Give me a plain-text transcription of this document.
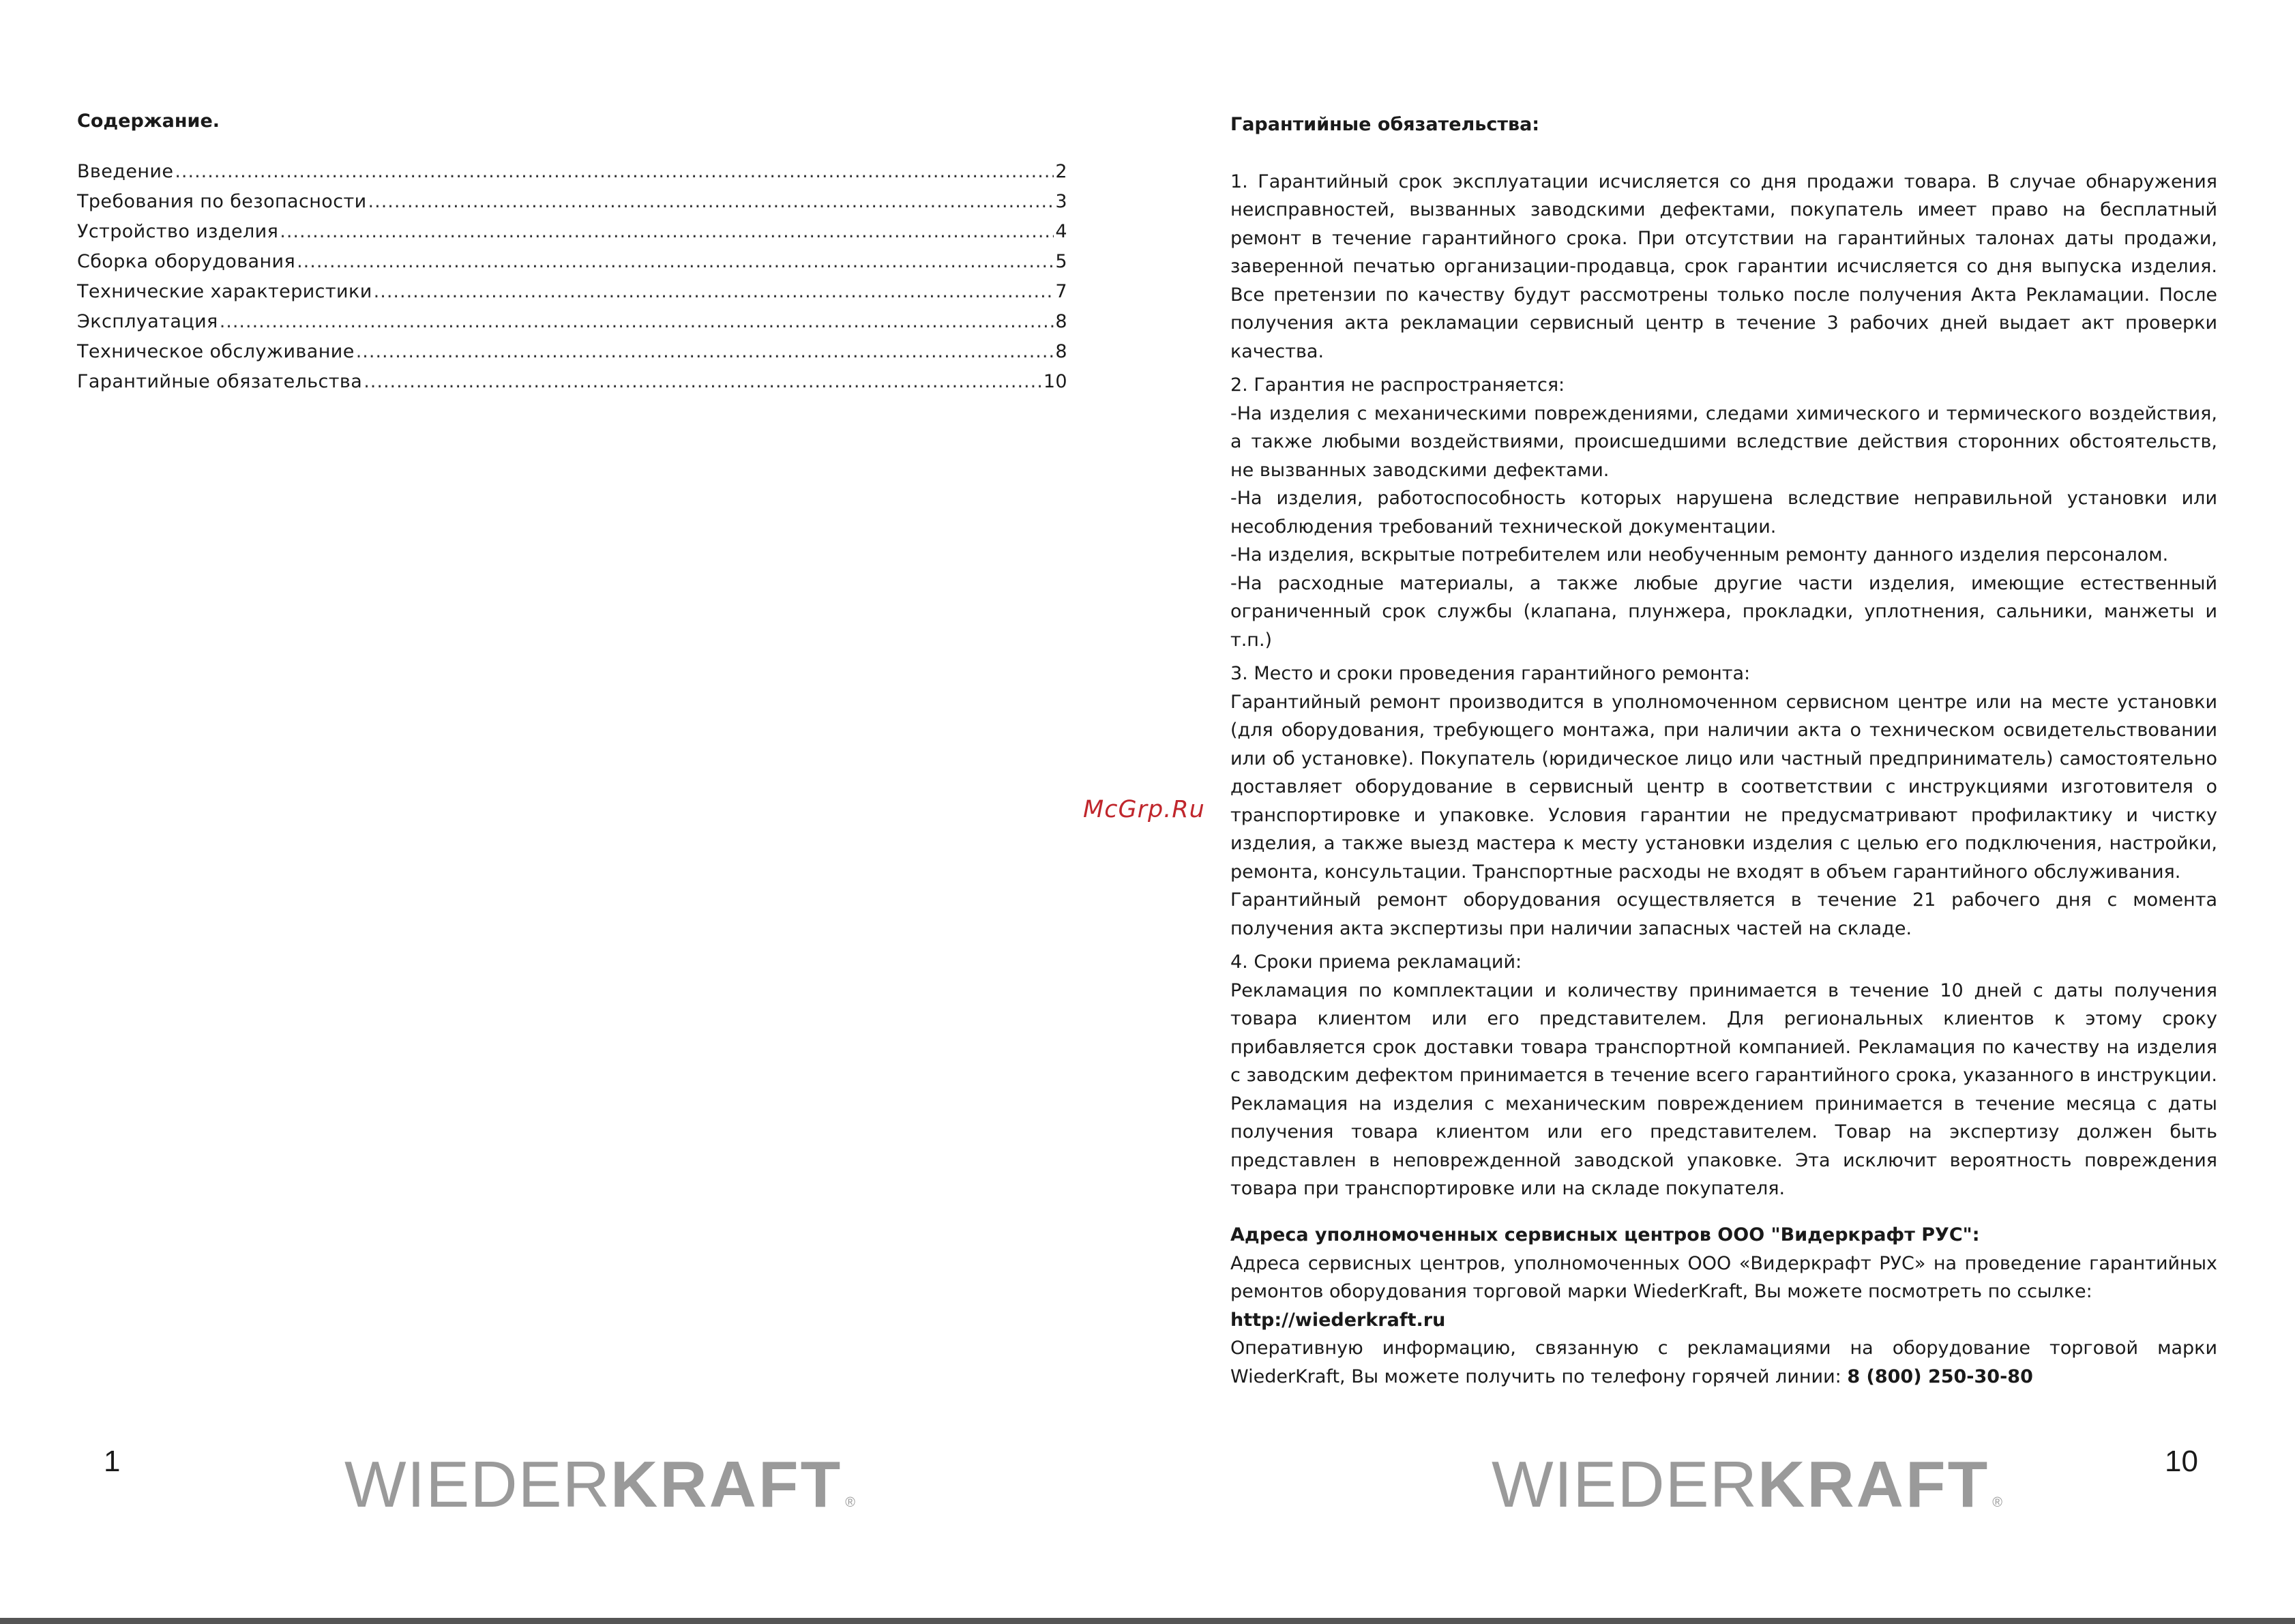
Содержание.
Введение .....	2
Требования по безопасности .....	3
Устройство изделия .....	4
Сборка оборудования .....	5
Технические характеристики .....	7
Эксплуатация .....	8
Техническое обслуживание .....	8
Гарантийные обязательства .....	10
1	WIEDER KRAFT ®
McGrp.Ru
Гарантийные обязательства:

1. Гарантийный срок эксплуатации исчисляется со дня продажи товара. В случае обнаружения неисправностей, вызванных заводскими дефектами, покупатель имеет право на бесплатный ремонт в течение гарантийного срока. При отсутствии на гарантийных талонах даты продажи, заверенной печатью организации-продавца, срок гарантии исчисляется со дня выпуска изделия. Все претензии по качеству будут рассмотрены только после получения Акта Рекламации. После получения акта рекламации сервисный центр в течение 3 рабочих дней выдает акт проверки качества.

2. Гарантия не распространяется:

-На изделия с механическими повреждениями, следами химического и термического воздействия, а также любыми воздействиями, происшедшими вследствие действия сторонних обстоятельств, не вызванных заводскими дефектами.

-На изделия, работоспособность которых нарушена вследствие неправильной установки или несоблюдения требований технической документации.

-На изделия, вскрытые потребителем или необученным ремонту данного изделия персоналом.

-На расходные материалы, а также любые другие части изделия, имеющие естественный ограниченный срок службы (клапана, плунжера, прокладки, уплотнения, сальники, манжеты и т.п.)

3. Место и сроки проведения гарантийного ремонта:

Гарантийный ремонт производится в уполномоченном сервисном центре или на месте установки (для оборудования, требующего монтажа, при наличии акта о техническом освидетельствовании или об установке). Покупатель (юридическое лицо или частный предприниматель) самостоятельно доставляет оборудование в сервисный центр в соответствии с инструкциями изготовителя о транспортировке и упаковке. Условия гарантии не предусматривают профилактику и чистку изделия, а также выезд мастера к месту установки изделия с целью его подключения, настройки, ремонта, консультации. Транспортные расходы не входят в объем гарантийного обслуживания.

Гарантийный ремонт оборудования осуществляется в течение 21 рабочего дня с момента получения акта экспертизы при наличии запасных частей на складе.

4. Сроки приема рекламаций:

Рекламация по комплектации и количеству принимается в течение 10 дней с даты получения товара клиентом или его представителем. Для региональных клиентов к этому сроку прибавляется срок доставки товара транспортной компанией. Рекламация по качеству на изделия с заводским дефектом принимается в течение всего гарантийного срока, указанного в инструкции. Рекламация на изделия с механическим повреждением принимается в течение месяца с даты получения товара клиентом или его представителем. Товар на экспертизу должен быть представлен в неповрежденной заводской упаковке. Эта исключит вероятность повреждения товара при транспортировке или на складе покупателя.

Адреса уполномоченных сервисных центров ООО "Видеркрафт РУС":

Адреса сервисных центров, уполномоченных ООО «Видеркрафт РУС» на проведение гарантийных ремонтов оборудования торговой марки WiederKraft, Вы можете посмотреть по ссылке:

http://wiederkraft.ru

Оперативную информацию, связанную с рекламациями на оборудование торговой марки WiederKraft, Вы можете получить по телефону горячей линии: 8 (800) 250-30-80

10
WIEDER KRAFT ®
